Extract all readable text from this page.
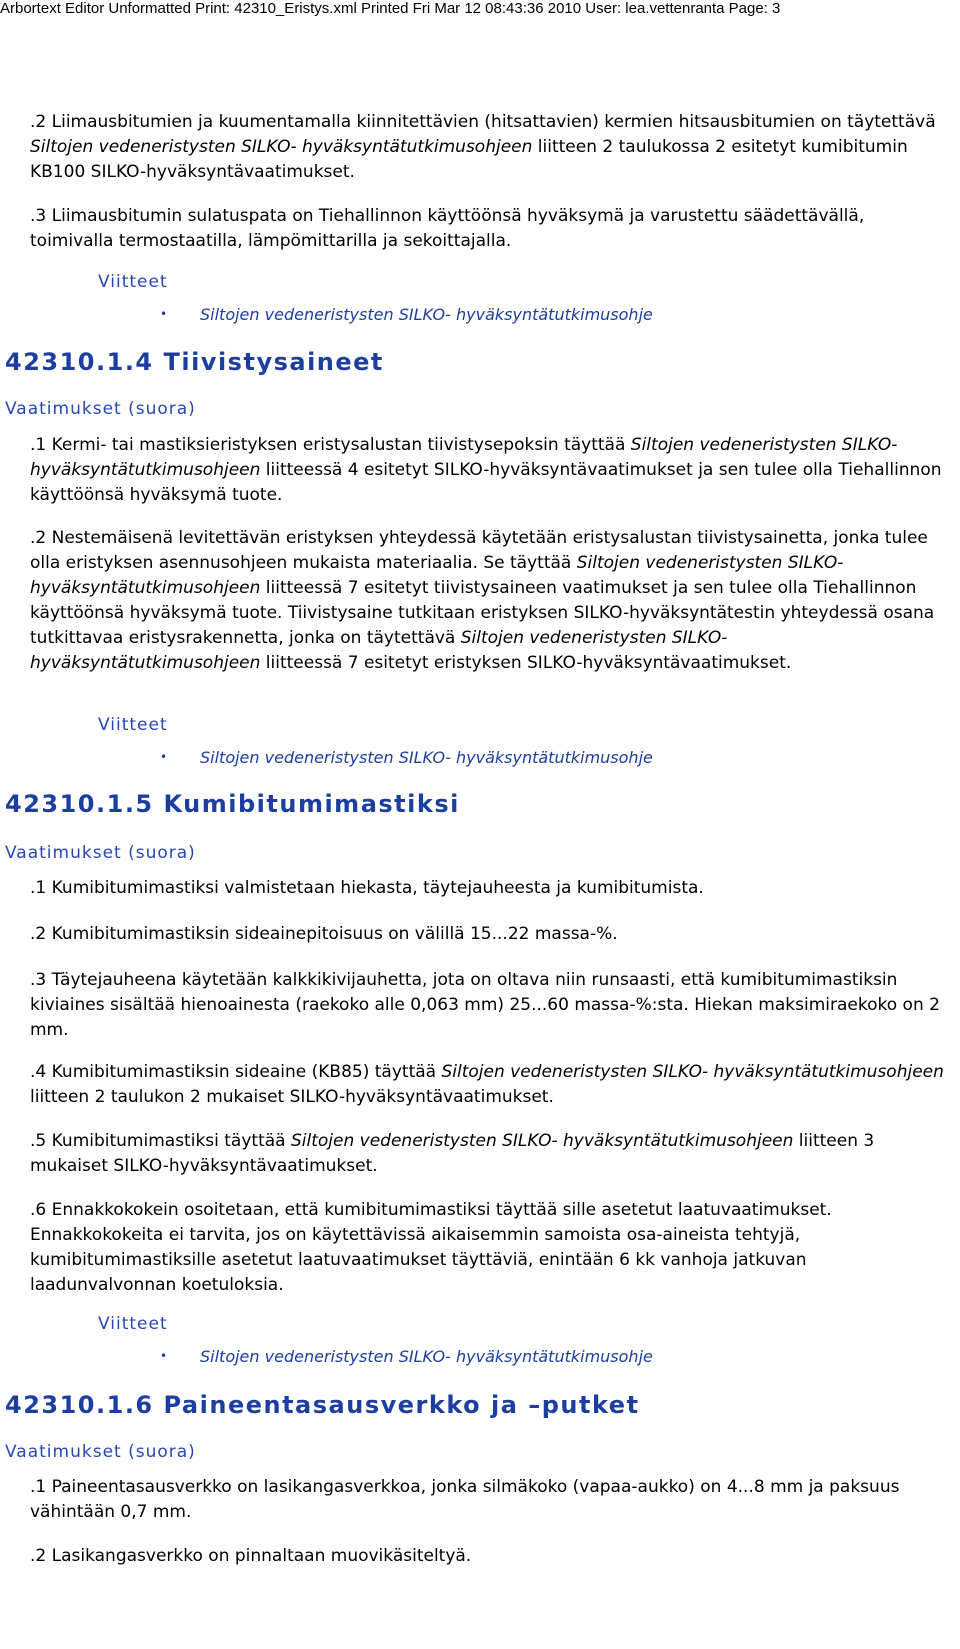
Arbortext Editor Unformatted Print: 42310_Eristys.xml Printed Fri Mar 12 08:43:36 2010 User: lea.vettenranta Page: 3

.2 Liimausbitumien ja kuumentamalla kiinnitettävien (hitsattavien) kermien hitsausbitumien on täytettävä Siltojen vedeneristysten SILKO- hyväksyntätutkimusohjeen liitteen 2 taulukossa 2 esitetyt kumibitumin KB100 SILKO-hyväksyntävaatimukset.

.3 Liimausbitumin sulatuspata on Tiehallinnon käyttöönsä hyväksymä ja varustettu säädettävällä, toimivalla termostaatilla, lämpömittarilla ja sekoittajalla.

Viitteet
• Siltojen vedeneristysten SILKO- hyväksyntätutkimusohje
42310.1.4 Tiivistysaineet
Vaatimukset (suora)

.1 Kermi- tai mastiksieristyksen eristysalustan tiivistysepoksin täyttää Siltojen vedeneristysten SILKO- hyväksyntätutkimusohjeen liitteessä 4 esitetyt SILKO-hyväksyntävaatimukset ja sen tulee olla Tiehallinnon käyttöönsä hyväksymä tuote.

.2 Nestemäisenä levitettävän eristyksen yhteydessä käytetään eristysalustan tiivistysainetta, jonka tulee olla eristyksen asennusohjeen mukaista materiaalia. Se täyttää Siltojen vedeneristysten SILKO- hyväksyntätutkimusohjeen liitteessä 7 esitetyt tiivistysaineen vaatimukset ja sen tulee olla Tiehallinnon käyttöönsä hyväksymä tuote. Tiivistysaine tutkitaan eristyksen SILKO-hyväksyntätestin yhteydessä osana tutkittavaa eristysrakennetta, jonka on täytettävä Siltojen vedeneristysten SILKO- hyväksyntätutkimusohjeen liitteessä 7 esitetyt eristyksen SILKO-hyväksyntävaatimukset.

Viitteet
• Siltojen vedeneristysten SILKO- hyväksyntätutkimusohje
42310.1.5 Kumibitumimastiksi
Vaatimukset (suora)

.1 Kumibitumimastiksi valmistetaan hiekasta, täytejauheesta ja kumibitumista.

.2 Kumibitumimastiksin sideainepitoisuus on välillä 15...22 massa-%.

.3 Täytejauheena käytetään kalkkikivijauhetta, jota on oltava niin runsaasti, että kumibitumimastiksin kiviaines sisältää hienoainesta (raekoko alle 0,063 mm) 25...60 massa-%:sta. Hiekan maksimiraekoko on 2 mm.

.4 Kumibitumimastiksin sideaine (KB85) täyttää Siltojen vedeneristysten SILKO- hyväksyntätutkimusohjeen liitteen 2 taulukon 2 mukaiset SILKO-hyväksyntävaatimukset.

.5 Kumibitumimastiksi täyttää Siltojen vedeneristysten SILKO- hyväksyntätutkimusohjeen liitteen 3 mukaiset SILKO-hyväksyntävaatimukset.

.6 Ennakkokokein osoitetaan, että kumibitumimastiksi täyttää sille asetetut laatuvaatimukset. Ennakkokokeita ei tarvita, jos on käytettävissä aikaisemmin samoista osa-aineista tehtyjä, kumibitumimastiksille asetetut laatuvaatimukset täyttäviä, enintään 6 kk vanhoja jatkuvan laadunvalvonnan koetuloksia.

Viitteet
• Siltojen vedeneristysten SILKO- hyväksyntätutkimusohje
42310.1.6 Paineentasausverkko ja –putket
Vaatimukset (suora)

.1 Paineentasausverkko on lasikangasverkkoa, jonka silmäkoko (vapaa-aukko) on 4...8 mm ja paksuus vähintään 0,7 mm.

.2 Lasikangasverkko on pinnaltaan muovikäsiteltyä.
